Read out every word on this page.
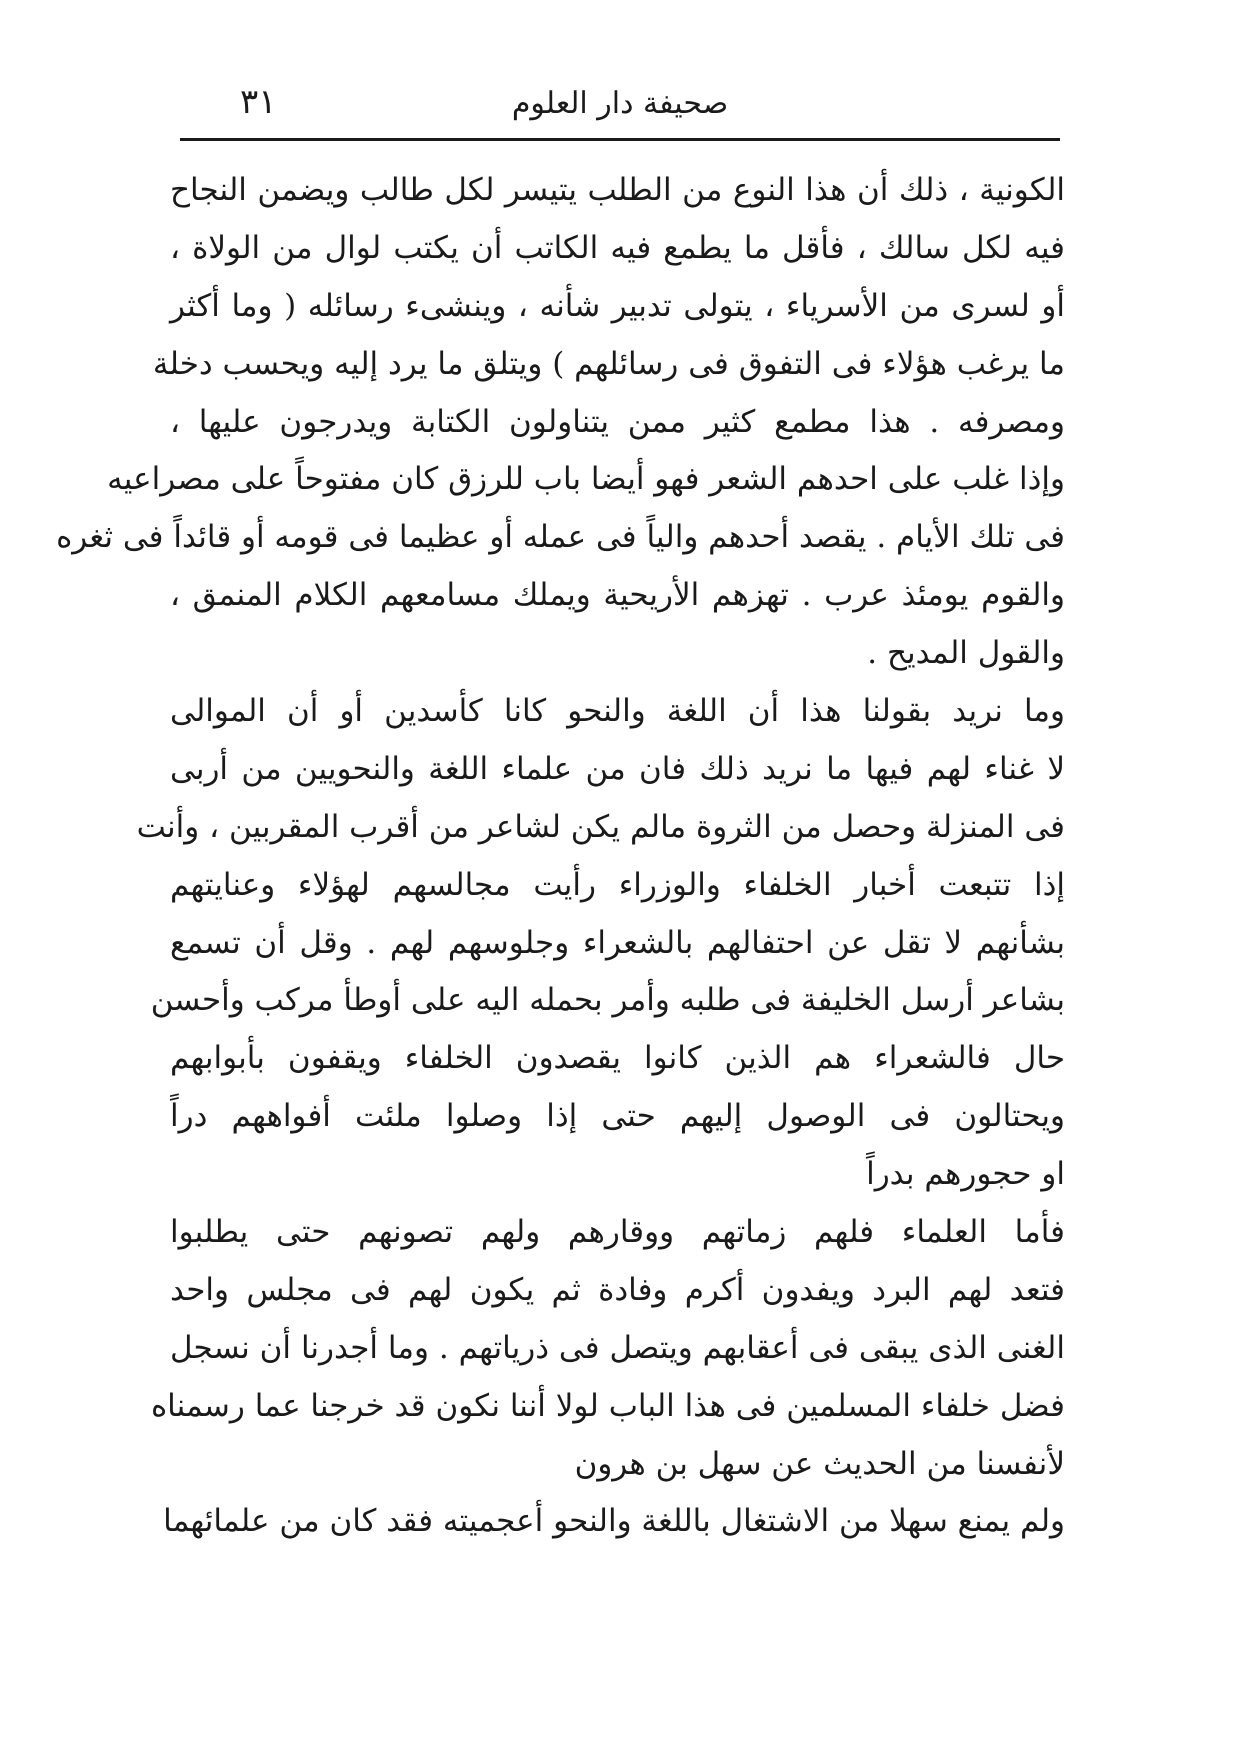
٣١	صحيفة دار العلوم
الكونية ، ذلك أن هذا النوع من الطلب يتيسر لكل طالب ويضمن النجاح
فيه لكل سالك ، فأقل ما يطمع فيه الكاتب أن يكتب لوال من الولاة ،
أو لسرى من الأسرياء ، يتولى تدبير شأنه ، وينشىء رسائله ( وما أكثر
ما يرغب هؤلاء فى التفوق فى رسائلهم ) ويتلق ما يرد إليه ويحسب دخلة
ومصرفه . هذا مطمع كثير ممن يتناولون الكتابة ويدرجون عليها ،
وإذا غلب على احدهم الشعر فهو أيضا باب للرزق كان مفتوحاً على مصراعيه
فى تلك الأيام . يقصد أحدهم والياً فى عمله أو عظيما فى قومه أو قائداً فى ثغره
والقوم يومئذ عرب . تهزهم الأريحية ويملك مسامعهم الكلام المنمق ،
والقول المديح .
وما نريد بقولنا هذا أن اللغة والنحو كانا كأسدين أو أن الموالى
لا غناء لهم فيها ما نريد ذلك فان من علماء اللغة والنحويين من أربى
فى المنزلة وحصل من الثروة مالم يكن لشاعر من أقرب المقربين ، وأنت
إذا تتبعت أخبار الخلفاء والوزراء رأيت مجالسهم لهؤلاء وعنايتهم
بشأنهم لا تقل عن احتفالهم بالشعراء وجلوسهم لهم . وقل أن تسمع
بشاعر أرسل الخليفة فى طلبه وأمر بحمله اليه على أوطأ مركب وأحسن
حال فالشعراء هم الذين كانوا يقصدون الخلفاء ويقفون بأبوابهم
ويحتالون فى الوصول إليهم حتى إذا وصلوا ملئت أفواههم دراً
او حجورهم بدراً
فأما العلماء فلهم زماتهم ووقارهم ولهم تصونهم حتى يطلبوا
فتعد لهم البرد ويفدون أكرم وفادة ثم يكون لهم فى مجلس واحد
الغنى الذى يبقى فى أعقابهم ويتصل فى ذرياتهم . وما أجدرنا أن نسجل
فضل خلفاء المسلمين فى هذا الباب لولا أننا نكون قد خرجنا عما رسمناه
لأنفسنا من الحديث عن سهل بن هرون
ولم يمنع سهلا من الاشتغال باللغة والنحو أعجميته فقد كان من علمائهما
